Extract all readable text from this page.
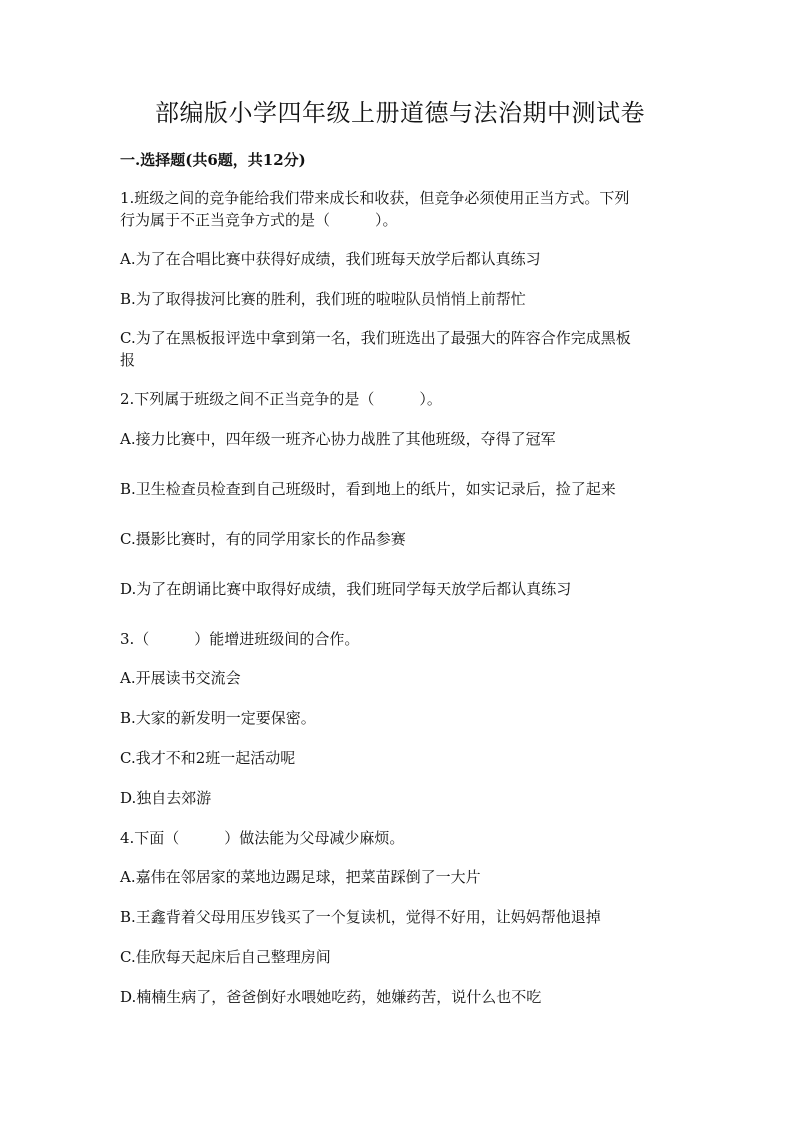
部编版小学四年级上册道德与法治期中测试卷
一.选择题(共6题，共12分)
1.班级之间的竞争能给我们带来成长和收获，但竞争必须使用正当方式。下列
行为属于不正当竞争方式的是（　　　）。
A.为了在合唱比赛中获得好成绩，我们班每天放学后都认真练习
B.为了取得拔河比赛的胜利，我们班的啦啦队员悄悄上前帮忙
C.为了在黑板报评选中拿到第一名，我们班选出了最强大的阵容合作完成黑板
报
2.下列属于班级之间不正当竞争的是（　　　）。
A.接力比赛中，四年级一班齐心协力战胜了其他班级，夺得了冠军
B.卫生检查员检查到自己班级时，看到地上的纸片，如实记录后，捡了起来
C.摄影比赛时，有的同学用家长的作品参赛
D.为了在朗诵比赛中取得好成绩，我们班同学每天放学后都认真练习
3.（　　　）能增进班级间的合作。
A.开展读书交流会
B.大家的新发明一定要保密。
C.我才不和2班一起活动呢
D.独自去郊游
4.下面（　　　）做法能为父母减少麻烦。
A.嘉伟在邻居家的菜地边踢足球，把菜苗踩倒了一大片
B.王鑫背着父母用压岁钱买了一个复读机，觉得不好用，让妈妈帮他退掉
C.佳欣每天起床后自己整理房间
D.楠楠生病了，爸爸倒好水喂她吃药，她嫌药苦，说什么也不吃
